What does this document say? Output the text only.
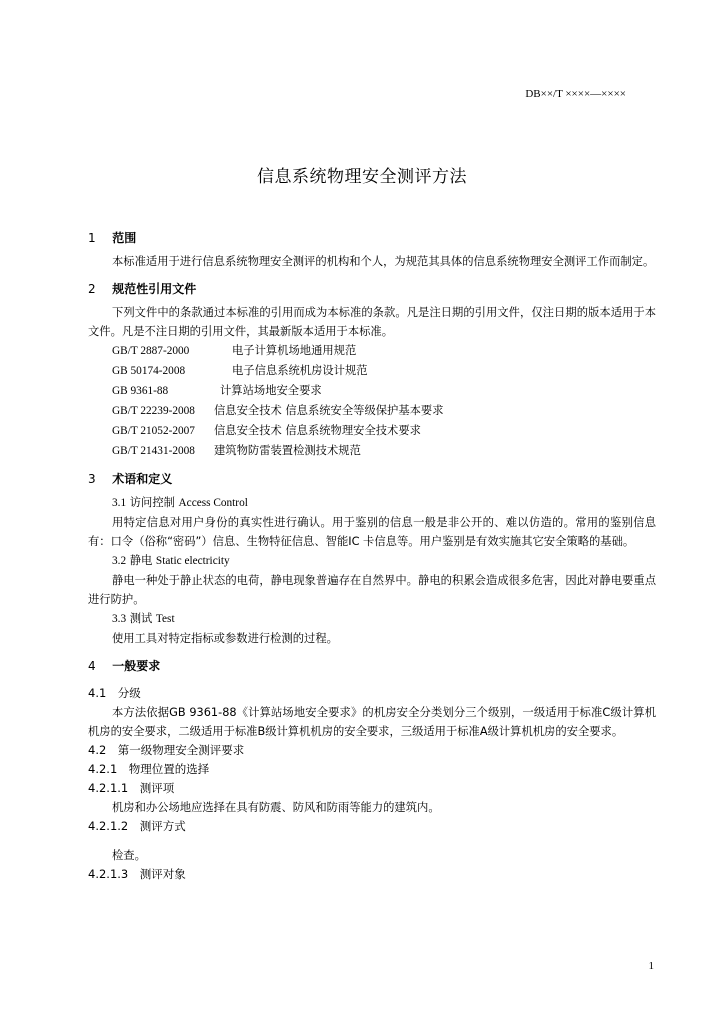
DB××/T ××××—××××
信息系统物理安全测评方法
1 范围

本标准适用于进行信息系统物理安全测评的机构和个人，为规范其具体的信息系统物理安全测评工作而制定。

2 规范性引用文件

下列文件中的条款通过本标准的引用而成为本标准的条款。凡是注日期的引用文件，仅注日期的版本适用于本文件。凡是不注日期的引用文件，其最新版本适用于本标准。

GB/T 2887-2000	电子计算机场地通用规范
GB 50174-2008	电子信息系统机房设计规范
GB 9361-88	计算站场地安全要求
GB/T 22239-2008 信息安全技术 信息系统安全等级保护基本要求
GB/T 21052-2007 信息安全技术 信息系统物理安全技术要求
GB/T 21431-2008 建筑物防雷装置检测技术规范
3 术语和定义
3.1 访问控制 Access Control

用特定信息对用户身份的真实性进行确认。用于鉴别的信息一般是非公开的、难以仿造的。常用的鉴别信息有：口令（俗称“密码”）信息、生物特征信息、智能IC 卡信息等。用户鉴别是有效实施其它安全策略的基础。

3.2 静电 Static electricity

静电一种处于静止状态的电荷，静电现象普遍存在自然界中。静电的积累会造成很多危害，因此对静电要重点进行防护。

3.3 测试 Test

使用工具对特定指标或参数进行检测的过程。

4 一般要求
4.1　分级

本方法依据GB 9361-88《计算站场地安全要求》的机房安全分类划分三个级别，一级适用于标准C级计算机机房的安全要求，二级适用于标准B级计算机机房的安全要求，三级适用于标准A级计算机机房的安全要求。

4.2　第一级物理安全测评要求
4.2.1　物理位置的选择
4.2.1.1　测评项

机房和办公场地应选择在具有防震、防风和防雨等能力的建筑内。

4.2.1.2　测评方式

检查。

4.2.1.3　测评对象
1
